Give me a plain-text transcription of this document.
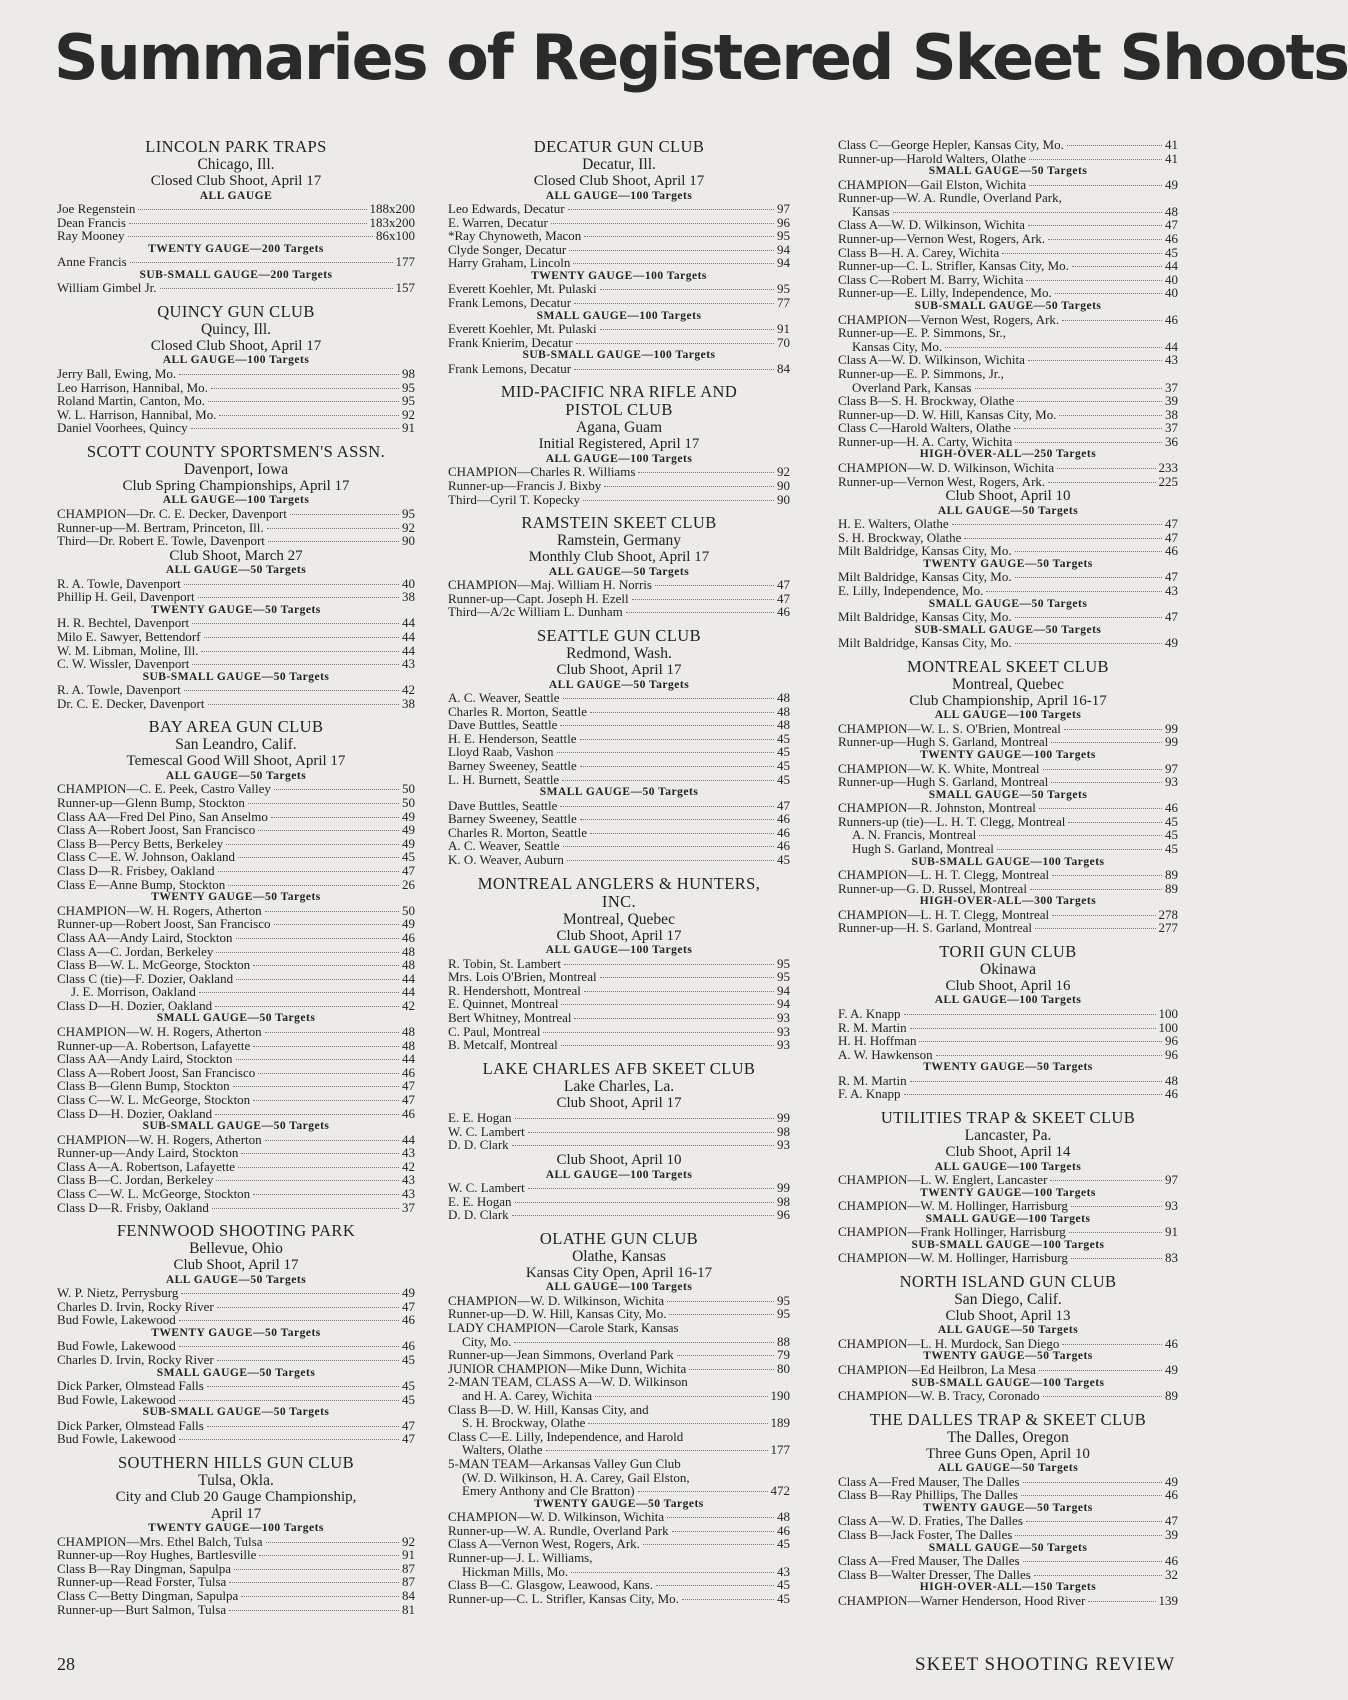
Summaries of Registered Skeet Shoots
LINCOLN PARK TRAPS
Chicago, Ill.
Closed Club Shoot, April 17
ALL GAUGE
Joe Regenstein	188x200
Dean Francis	183x200
Ray Mooney	86x100
TWENTY GAUGE—200 Targets
Anne Francis	177
SUB-SMALL GAUGE—200 Targets
William Gimbel Jr.	157
QUINCY GUN CLUB
Quincy, Ill.
Closed Club Shoot, April 17
ALL GAUGE—100 Targets
Jerry Ball, Ewing, Mo.	98
Leo Harrison, Hannibal, Mo.	95
Roland Martin, Canton, Mo.	95
W. L. Harrison, Hannibal, Mo.	92
Daniel Voorhees, Quincy	91
SCOTT COUNTY SPORTSMEN'S ASSN.
Davenport, Iowa
Club Spring Championships, April 17
ALL GAUGE—100 Targets
CHAMPION—Dr. C. E. Decker, Davenport	95
Runner-up—M. Bertram, Princeton, Ill.	92
Third—Dr. Robert E. Towle, Davenport	90
Club Shoot, March 27
ALL GAUGE—50 Targets
R. A. Towle, Davenport	40
Phillip H. Geil, Davenport	38
TWENTY GAUGE—50 Targets
H. R. Bechtel, Davenport	44
Milo E. Sawyer, Bettendorf	44
W. M. Libman, Moline, Ill.	44
C. W. Wissler, Davenport	43
SUB-SMALL GAUGE—50 Targets
R. A. Towle, Davenport	42
Dr. C. E. Decker, Davenport	38
BAY AREA GUN CLUB
San Leandro, Calif.
Temescal Good Will Shoot, April 17
ALL GAUGE—50 Targets
CHAMPION—C. E. Peek, Castro Valley	50
Runner-up—Glenn Bump, Stockton	50
Class AA—Fred Del Pino, San Anselmo	49
Class A—Robert Joost, San Francisco	49
Class B—Percy Betts, Berkeley	49
Class C—E. W. Johnson, Oakland	45
Class D—R. Frisbey, Oakland	47
Class E—Anne Bump, Stockton	26
TWENTY GAUGE—50 Targets
CHAMPION—W. H. Rogers, Atherton	50
Runner-up—Robert Joost, San Francisco	49
Class AA—Andy Laird, Stockton	46
Class A—C. Jordan, Berkeley	48
Class B—W. L. McGeorge, Stockton	48
Class C (tie)—F. Dozier, Oakland	44
J. E. Morrison, Oakland	44
Class D—H. Dozier, Oakland	42
SMALL GAUGE—50 Targets
CHAMPION—W. H. Rogers, Atherton	48
Runner-up—A. Robertson, Lafayette	48
Class AA—Andy Laird, Stockton	44
Class A—Robert Joost, San Francisco	46
Class B—Glenn Bump, Stockton	47
Class C—W. L. McGeorge, Stockton	47
Class D—H. Dozier, Oakland	46
SUB-SMALL GAUGE—50 Targets
CHAMPION—W. H. Rogers, Atherton	44
Runner-up—Andy Laird, Stockton	43
Class A—A. Robertson, Lafayette	42
Class B—C. Jordan, Berkeley	43
Class C—W. L. McGeorge, Stockton	43
Class D—R. Frisby, Oakland	37
FENNWOOD SHOOTING PARK
Bellevue, Ohio
Club Shoot, April 17
ALL GAUGE—50 Targets
W. P. Nietz, Perrysburg	49
Charles D. Irvin, Rocky River	47
Bud Fowle, Lakewood	46
TWENTY GAUGE—50 Targets
Bud Fowle, Lakewood	46
Charles D. Irvin, Rocky River	45
SMALL GAUGE—50 Targets
Dick Parker, Olmstead Falls	45
Bud Fowle, Lakewood	45
SUB-SMALL GAUGE—50 Targets
Dick Parker, Olmstead Falls	47
Bud Fowle, Lakewood	47
SOUTHERN HILLS GUN CLUB
Tulsa, Okla.
City and Club 20 Gauge Championship,
April 17
TWENTY GAUGE—100 Targets
CHAMPION—Mrs. Ethel Balch, Tulsa	92
Runner-up—Roy Hughes, Bartlesville	91
Class B—Ray Dingman, Sapulpa	87
Runner-up—Read Forster, Tulsa	87
Class C—Betty Dingman, Sapulpa	84
Runner-up—Burt Salmon, Tulsa	81
DECATUR GUN CLUB
Decatur, Ill.
Closed Club Shoot, April 17
ALL GAUGE—100 Targets
Leo Edwards, Decatur	97
E. Warren, Decatur	96
*Ray Chynoweth, Macon	95
Clyde Songer, Decatur	94
Harry Graham, Lincoln	94
TWENTY GAUGE—100 Targets
Everett Koehler, Mt. Pulaski	95
Frank Lemons, Decatur	77
SMALL GAUGE—100 Targets
Everett Koehler, Mt. Pulaski	91
Frank Knierim, Decatur	70
SUB-SMALL GAUGE—100 Targets
Frank Lemons, Decatur	84
MID-PACIFIC NRA RIFLE AND
PISTOL CLUB
Agana, Guam
Initial Registered, April 17
ALL GAUGE—100 Targets
CHAMPION—Charles R. Williams	92
Runner-up—Francis J. Bixby	90
Third—Cyril T. Kopecky	90
RAMSTEIN SKEET CLUB
Ramstein, Germany
Monthly Club Shoot, April 17
ALL GAUGE—50 Targets
CHAMPION—Maj. William H. Norris	47
Runner-up—Capt. Joseph H. Ezell	47
Third—A/2c William L. Dunham	46
SEATTLE GUN CLUB
Redmond, Wash.
Club Shoot, April 17
ALL GAUGE—50 Targets
A. C. Weaver, Seattle	48
Charles R. Morton, Seattle	48
Dave Buttles, Seattle	48
H. E. Henderson, Seattle	45
Lloyd Raab, Vashon	45
Barney Sweeney, Seattle	45
L. H. Burnett, Seattle	45
SMALL GAUGE—50 Targets
Dave Buttles, Seattle	47
Barney Sweeney, Seattle	46
Charles R. Morton, Seattle	46
A. C. Weaver, Seattle	46
K. O. Weaver, Auburn	45
MONTREAL ANGLERS & HUNTERS,
INC.
Montreal, Quebec
Club Shoot, April 17
ALL GAUGE—100 Targets
R. Tobin, St. Lambert	95
Mrs. Lois O'Brien, Montreal	95
R. Hendershott, Montreal	94
E. Quinnet, Montreal	94
Bert Whitney, Montreal	93
C. Paul, Montreal	93
B. Metcalf, Montreal	93
LAKE CHARLES AFB SKEET CLUB
Lake Charles, La.
Club Shoot, April 17
E. E. Hogan	99
W. C. Lambert	98
D. D. Clark	93
Club Shoot, April 10
ALL GAUGE—100 Targets
W. C. Lambert	99
E. E. Hogan	98
D. D. Clark	96
OLATHE GUN CLUB
Olathe, Kansas
Kansas City Open, April 16-17
ALL GAUGE—100 Targets
CHAMPION—W. D. Wilkinson, Wichita	95
Runner-up—D. W. Hill, Kansas City, Mo.	95
LADY CHAMPION—Carole Stark, Kansas
City, Mo.	88
Runner-up—Jean Simmons, Overland Park	79
JUNIOR CHAMPION—Mike Dunn, Wichita	80
2-MAN TEAM, CLASS A—W. D. Wilkinson
and H. A. Carey, Wichita	190
Class B—D. W. Hill, Kansas City, and
S. H. Brockway, Olathe	189
Class C—E. Lilly, Independence, and Harold
Walters, Olathe	177
5-MAN TEAM—Arkansas Valley Gun Club
(W. D. Wilkinson, H. A. Carey, Gail Elston,
Emery Anthony and Cle Bratton)	472
TWENTY GAUGE—50 Targets
CHAMPION—W. D. Wilkinson, Wichita	48
Runner-up—W. A. Rundle, Overland Park	46
Class A—Vernon West, Rogers, Ark.	45
Runner-up—J. L. Williams,
Hickman Mills, Mo.	43
Class B—C. Glasgow, Leawood, Kans.	45
Runner-up—C. L. Strifler, Kansas City, Mo.	45
Class C—George Hepler, Kansas City, Mo.	41
Runner-up—Harold Walters, Olathe	41
SMALL GAUGE—50 Targets
CHAMPION—Gail Elston, Wichita	49
Runner-up—W. A. Rundle, Overland Park,
Kansas	48
Class A—W. D. Wilkinson, Wichita	47
Runner-up—Vernon West, Rogers, Ark.	46
Class B—H. A. Carey, Wichita	45
Runner-up—C. L. Strifler, Kansas City, Mo.	44
Class C—Robert M. Barry, Wichita	40
Runner-up—E. Lilly, Independence, Mo.	40
SUB-SMALL GAUGE—50 Targets
CHAMPION—Vernon West, Rogers, Ark.	46
Runner-up—E. P. Simmons, Sr.,
Kansas City, Mo.	44
Class A—W. D. Wilkinson, Wichita	43
Runner-up—E. P. Simmons, Jr.,
Overland Park, Kansas	37
Class B—S. H. Brockway, Olathe	39
Runner-up—D. W. Hill, Kansas City, Mo.	38
Class C—Harold Walters, Olathe	37
Runner-up—H. A. Carty, Wichita	36
HIGH-OVER-ALL—250 Targets
CHAMPION—W. D. Wilkinson, Wichita	233
Runner-up—Vernon West, Rogers, Ark.	225
Club Shoot, April 10
ALL GAUGE—50 Targets
H. E. Walters, Olathe	47
S. H. Brockway, Olathe	47
Milt Baldridge, Kansas City, Mo.	46
TWENTY GAUGE—50 Targets
Milt Baldridge, Kansas City, Mo.	47
E. Lilly, Independence, Mo.	43
SMALL GAUGE—50 Targets
Milt Baldridge, Kansas City, Mo.	47
SUB-SMALL GAUGE—50 Targets
Milt Baldridge, Kansas City, Mo.	49
MONTREAL SKEET CLUB
Montreal, Quebec
Club Championship, April 16-17
ALL GAUGE—100 Targets
CHAMPION—W. L. S. O'Brien, Montreal	99
Runner-up—Hugh S. Garland, Montreal	99
TWENTY GAUGE—100 Targets
CHAMPION—W. K. White, Montreal	97
Runner-up—Hugh S. Garland, Montreal	93
SMALL GAUGE—50 Targets
CHAMPION—R. Johnston, Montreal	46
Runners-up (tie)—L. H. T. Clegg, Montreal	45
A. N. Francis, Montreal	45
Hugh S. Garland, Montreal	45
SUB-SMALL GAUGE—100 Targets
CHAMPION—L. H. T. Clegg, Montreal	89
Runner-up—G. D. Russel, Montreal	89
HIGH-OVER-ALL—300 Targets
CHAMPION—L. H. T. Clegg, Montreal	278
Runner-up—H. S. Garland, Montreal	277
TORII GUN CLUB
Okinawa
Club Shoot, April 16
ALL GAUGE—100 Targets
F. A. Knapp	100
R. M. Martin	100
H. H. Hoffman	96
A. W. Hawkenson	96
TWENTY GAUGE—50 Targets
R. M. Martin	48
F. A. Knapp	46
UTILITIES TRAP & SKEET CLUB
Lancaster, Pa.
Club Shoot, April 14
ALL GAUGE—100 Targets
CHAMPION—L. W. Englert, Lancaster	97
TWENTY GAUGE—100 Targets
CHAMPION—W. M. Hollinger, Harrisburg	93
SMALL GAUGE—100 Targets
CHAMPION—Frank Hollinger, Harrisburg	91
SUB-SMALL GAUGE—100 Targets
CHAMPION—W. M. Hollinger, Harrisburg	83
NORTH ISLAND GUN CLUB
San Diego, Calif.
Club Shoot, April 13
ALL GAUGE—50 Targets
CHAMPION—L. H. Murdock, San Diego	46
TWENTY GAUGE—50 Targets
CHAMPION—Ed Heilbron, La Mesa	49
SUB-SMALL GAUGE—100 Targets
CHAMPION—W. B. Tracy, Coronado	89
THE DALLES TRAP & SKEET CLUB
The Dalles, Oregon
Three Guns Open, April 10
ALL GAUGE—50 Targets
Class A—Fred Mauser, The Dalles	49
Class B—Ray Phillips, The Dalles	46
TWENTY GAUGE—50 Targets
Class A—W. D. Fraties, The Dalles	47
Class B—Jack Foster, The Dalles	39
SMALL GAUGE—50 Targets
Class A—Fred Mauser, The Dalles	46
Class B—Walter Dresser, The Dalles	32
HIGH-OVER-ALL—150 Targets
CHAMPION—Warner Henderson, Hood River	139
28	SKEET SHOOTING REVIEW
